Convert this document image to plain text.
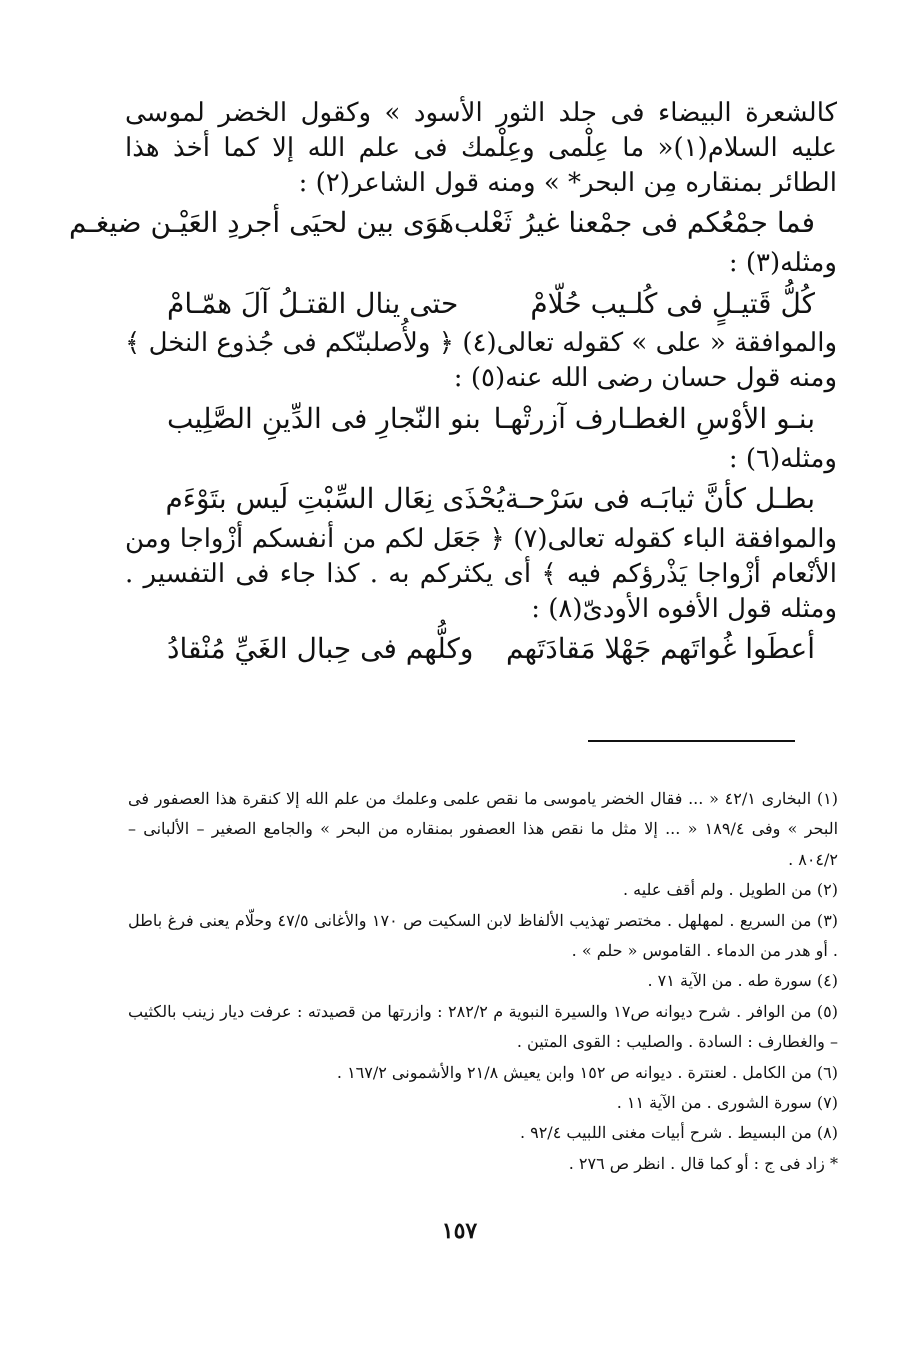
كالشعرة البيضاء فى جلد الثور الأسود » وكقول الخضر لموسى عليه السلام(١)« ما عِلْمى وعِلْمك فى علم الله إلا كما أخذ هذا الطائر بمنقاره مِن البحر* » ومنه قول الشاعر(٢) :

فما جمْعُكم فى جمْعنا غيرُ ثَعْلب
هَوَى بين لحيَى أجردِ العَيْـن ضيغـم

ومثله(٣) :

كُلُّ قَتيـلٍ فى كُلـيب حُلّامْ
حتى ينال القتـلُ آلَ همّـامْ

والموافقة « على » كقوله تعالى(٤) ﴿ ولأُصلبنّكم فى جُذوع النخل ﴾ ومنه قول حسان رضى الله عنه(٥) :

بنـو الأوْسِ الغطـارف آزرتْهـا
بنو النّجارِ فى الدِّينِ الصَّلِيب

ومثله(٦) :

بطـل كأنَّ ثيابَـه فى سَرْحـة
يُحْذَى نِعَال السِّبْتِ لَيس بتَوْءَم

والموافقة الباء كقوله تعالى(٧) ﴿ جَعَل لكم من أنفسكم أزْواجا ومن الأنْعام أزْواجا يَذْرؤكم فيه ﴾ أى يكثركم به . كذا جاء فى التفسير . ومثله قول الأفوه الأودىّ(٨) :

أعطَوا غُواتَهم جَهْلا مَقادَتَهم
وكلُّهم فى حِبال الغَيِّ مُنْقادُ

(١) البخارى ٤٢/١ « ... فقال الخضر ياموسى ما نقص علمى وعلمك من علم الله إلا كنقرة هذا العصفور فى البحر » وفى ١٨٩/٤ « ... إلا مثل ما نقص هذا العصفور بمنقاره من البحر » والجامع الصغير – الألبانى – ٨٠٤/٢ .

(٢) من الطويل . ولم أقف عليه .

(٣) من السريع . لمهلهل . مختصر تهذيب الألفاظ لابن السكيت ص ١٧٠ والأغانى ٤٧/٥ وحلّام يعنى فرغ باطل . أو هدر من الدماء . القاموس « حلم » .

(٤) سورة طه . من الآية ٧١ .

(٥) من الوافر . شرح ديوانه ص١٧ والسيرة النبوية م ٢٨٢/٢ : وازرتها من قصيدته : عرفت ديار زينب بالكثيب – والغطارف : السادة . والصليب : القوى المتين .

(٦) من الكامل . لعنترة . ديوانه ص ١٥٢ وابن يعيش ٢١/٨ والأشمونى ١٦٧/٢ .

(٧) سورة الشورى . من الآية ١١ .

(٨) من البسيط . شرح أبيات مغنى اللبيب ٩٢/٤ .

* زاد فى ج : أو كما قال . انظر ص ٢٧٦ .

١٥٧
